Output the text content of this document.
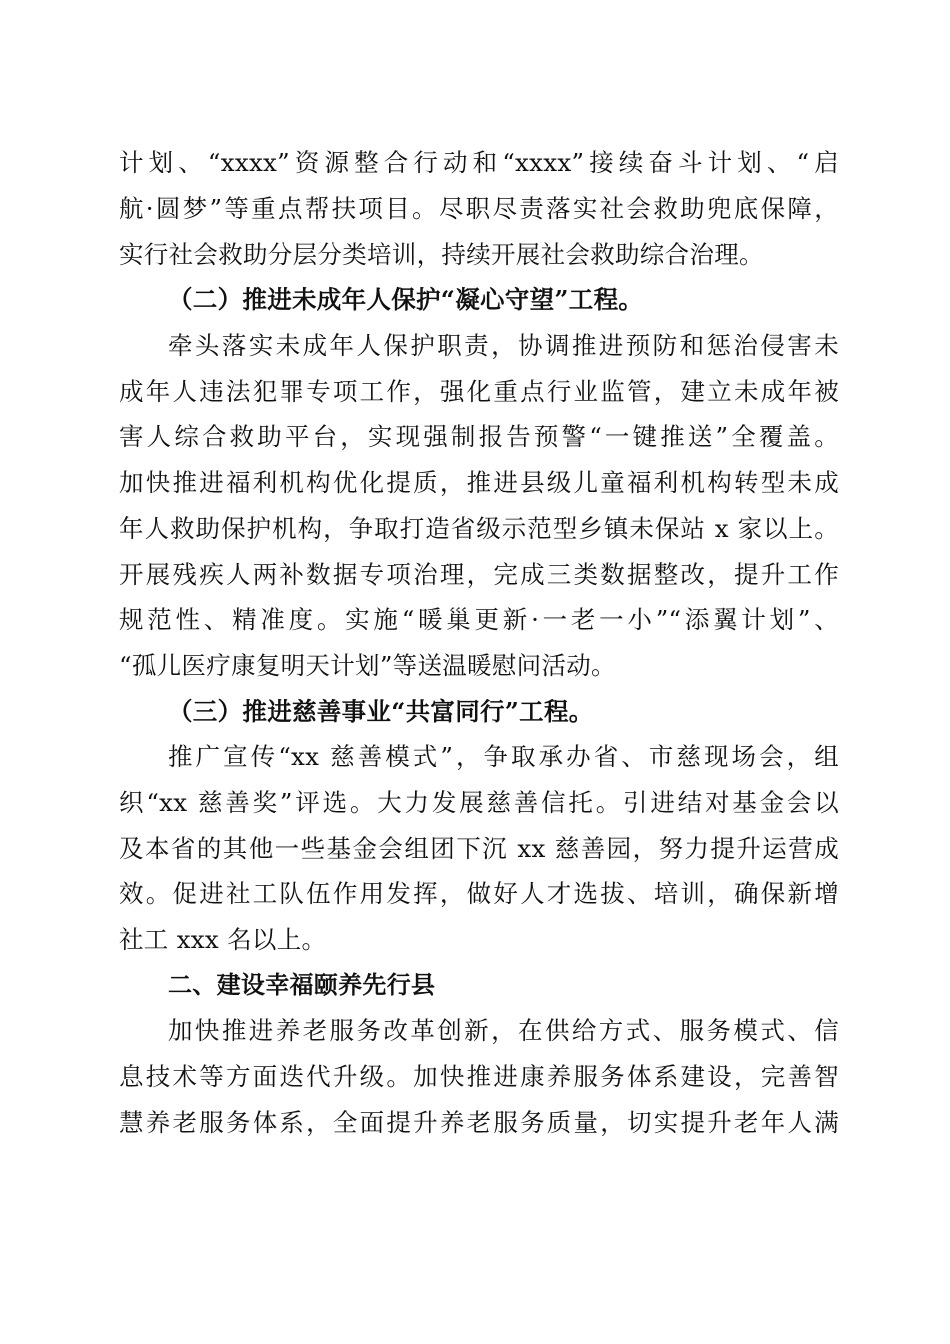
计划、“xxxx”资源整合行动和“xxxx”接续奋斗计划、“启
航·圆梦”等重点帮扶项目。尽职尽责落实社会救助兜底保障，
实行社会救助分层分类培训，持续开展社会救助综合治理。
（二）推进未成年人保护“凝心守望”工程。
牵头落实未成年人保护职责，协调推进预防和惩治侵害未
成年人违法犯罪专项工作，强化重点行业监管，建立未成年被
害人综合救助平台，实现强制报告预警“一键推送”全覆盖。
加快推进福利机构优化提质，推进县级儿童福利机构转型未成
年人救助保护机构，争取打造省级示范型乡镇未保站 x 家以上。
开展残疾人两补数据专项治理，完成三类数据整改，提升工作
规范性、精准度。实施“暖巢更新·一老一小”“添翼计划”、
“孤儿医疗康复明天计划”等送温暖慰问活动。
（三）推进慈善事业“共富同行”工程。
推广宣传“xx 慈善模式”，争取承办省、市慈现场会，组
织“xx 慈善奖”评选。大力发展慈善信托。引进结对基金会以
及本省的其他一些基金会组团下沉 xx 慈善园，努力提升运营成
效。促进社工队伍作用发挥，做好人才选拔、培训，确保新增
社工 xxx 名以上。
二、建设幸福颐养先行县
加快推进养老服务改革创新，在供给方式、服务模式、信
息技术等方面迭代升级。加快推进康养服务体系建设，完善智
慧养老服务体系，全面提升养老服务质量，切实提升老年人满
